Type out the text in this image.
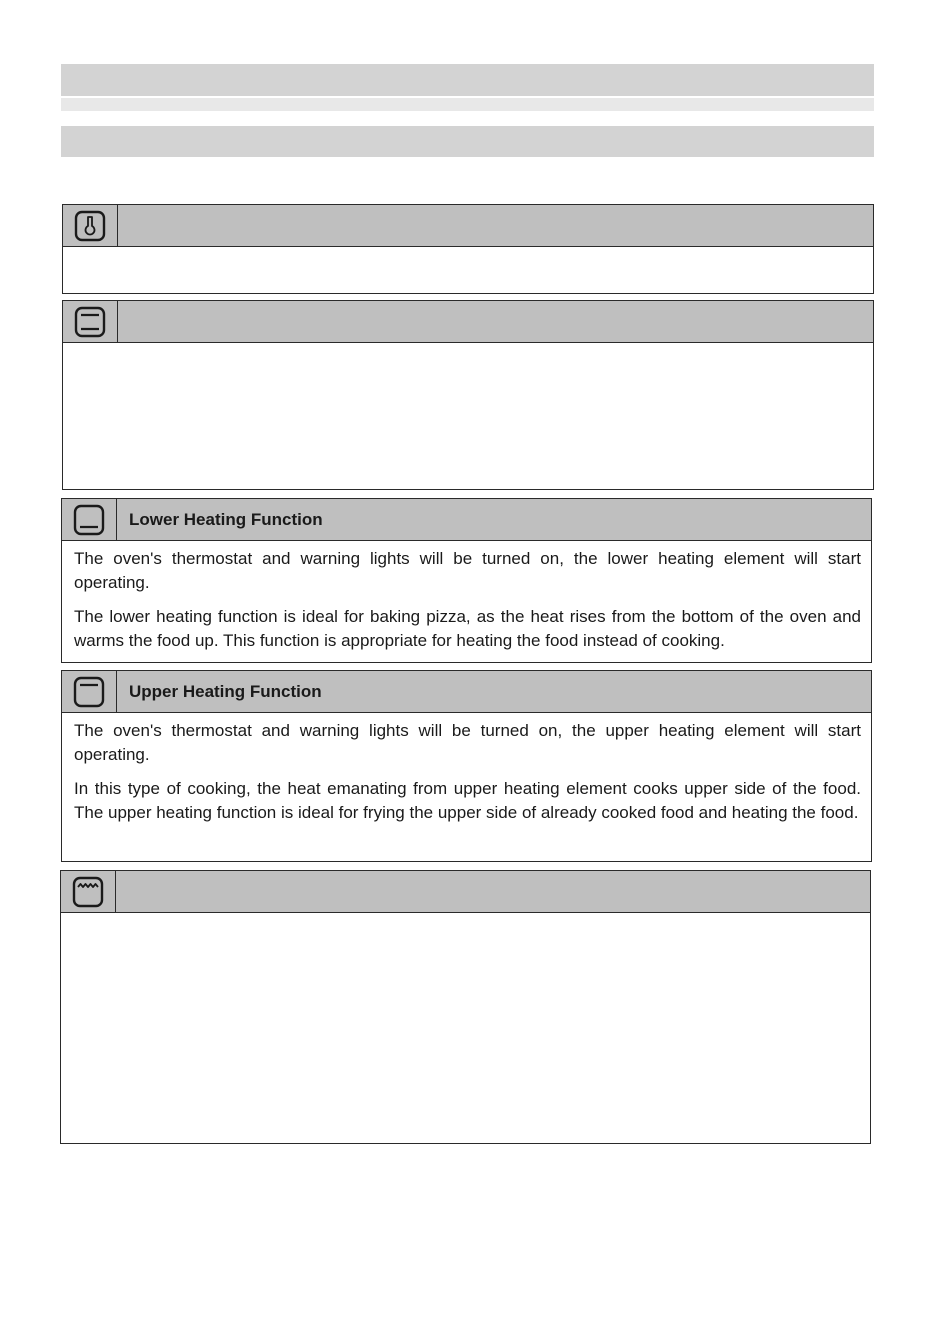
Lower Heating Function

The oven's thermostat and warning lights will be turned on, the lower heating element will start operating.

The lower heating function is ideal for baking pizza, as the heat rises from the bottom of the oven and warms the food up. This function is appropriate for heating the food instead of cooking.

Upper Heating Function

The oven's thermostat and warning lights will be turned on, the upper heating element will start operating.

In this type of cooking, the heat emanating from upper heating element cooks upper side of the food. The upper heating function is ideal for frying the upper side of already cooked food and heating the food.
